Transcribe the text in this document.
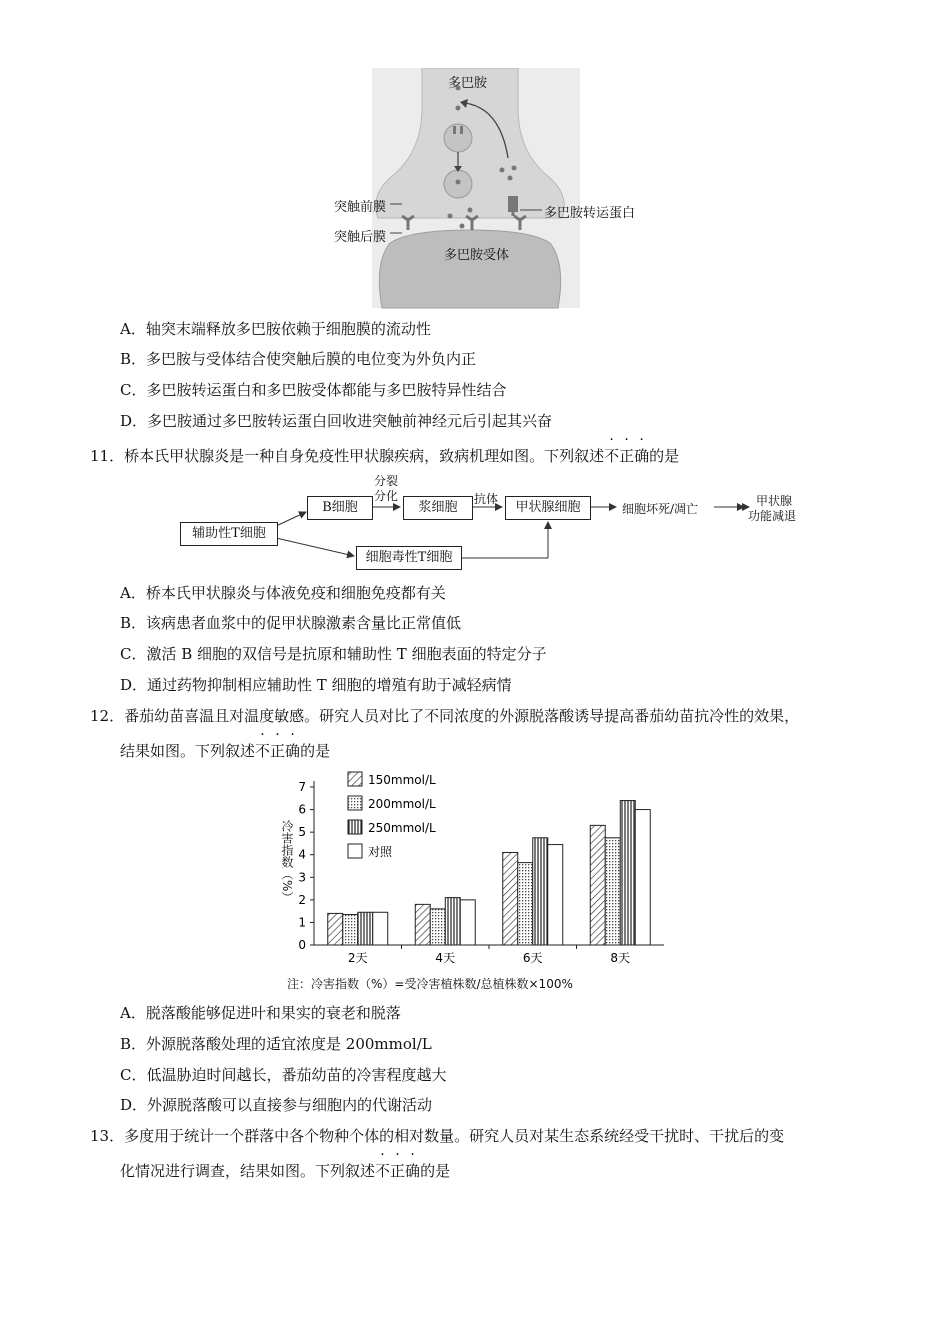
多巴胺
突触前膜
突触后膜
多巴胺转运蛋白
多巴胺受体
A．轴突末端释放多巴胺依赖于细胞膜的流动性
B．多巴胺与受体结合使突触后膜的电位变为外负内正
C．多巴胺转运蛋白和多巴胺受体都能与多巴胺特异性结合
D．多巴胺通过多巴胺转运蛋白回收进突触前神经元后引起其兴奋
11．桥本氏甲状腺炎是一种自身免疫性甲状腺疾病，致病机理如图。下列叙述不正确的是
辅助性T细胞
B细胞
分裂
分化
浆细胞
抗体
甲状腺细胞	细胞坏死/凋亡
甲状腺
功能减退
细胞毒性T细胞
A．桥本氏甲状腺炎与体液免疫和细胞免疫都有关
B．该病患者血浆中的促甲状腺激素含量比正常值低
C．激活 B 细胞的双信号是抗原和辅助性 T 细胞表面的特定分子
D．通过药物抑制相应辅助性 T 细胞的增殖有助于减轻病情
12．番茄幼苗喜温且对温度敏感。研究人员对比了不同浓度的外源脱落酸诱导提高番茄幼苗抗冷性的效果，
结果如图。下列叙述不正确的是
0
1
2
3
4
5
6
7
2天	4天	6天	8天
150mmol/L
200mmol/L
250mmol/L
对照
冷害指数（%）
注：冷害指数（%）=受冷害植株数/总植株数×100%
A．脱落酸能够促进叶和果实的衰老和脱落
B．外源脱落酸处理的适宜浓度是 200mmol/L
C．低温胁迫时间越长，番茄幼苗的冷害程度越大
D．外源脱落酸可以直接参与细胞内的代谢活动
13．多度用于统计一个群落中各个物种个体的相对数量。研究人员对某生态系统经受干扰时、干扰后的变
化情况进行调查，结果如图。下列叙述不正确的是
